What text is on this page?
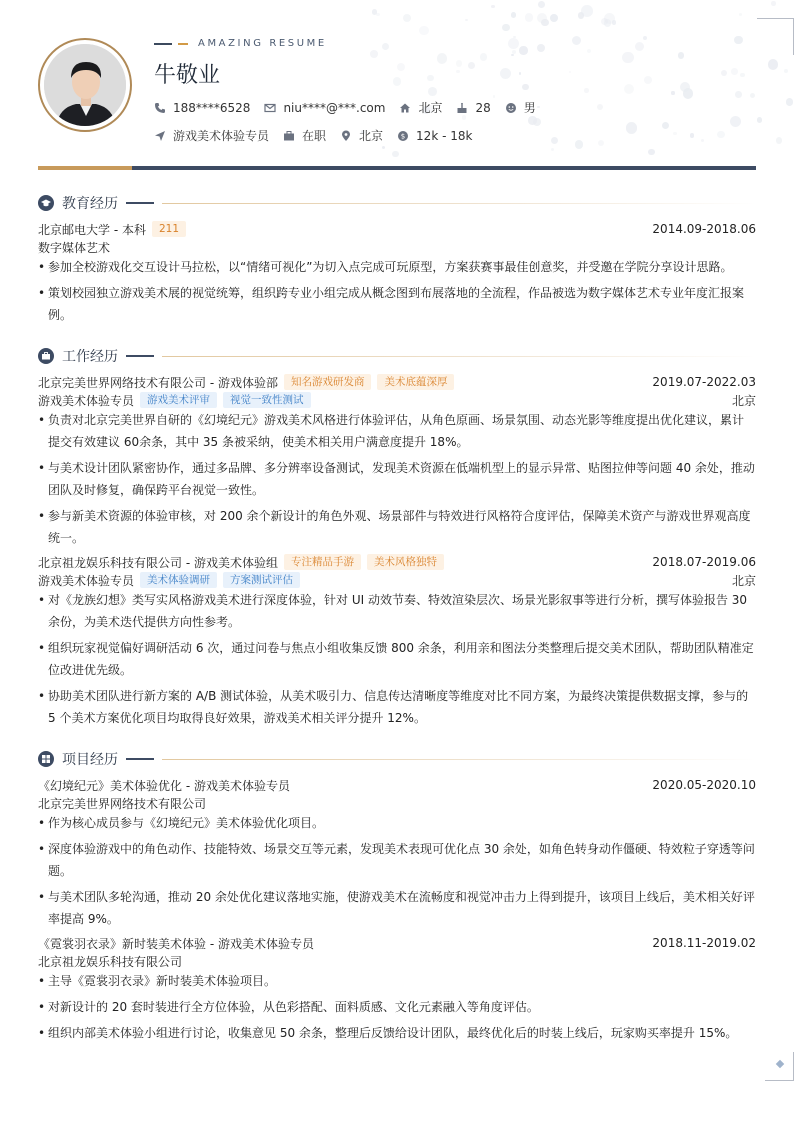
AMAZING RESUME
牛敬业
188****6528	niu****@***.com	北京	28	男
游戏美术体验专员	在职	北京	$ 12k - 18k
教育经历
北京邮电大学 - 本科	211	2014.09-2018.06
数字媒体艺术
• 参加全校游戏化交互设计马拉松，以“情绪可视化”为切入点完成可玩原型，方案获赛事最佳创意奖，并受邀在学院分享设计思路。
• 策划校园独立游戏美术展的视觉统筹，组织跨专业小组完成从概念图到布展落地的全流程，作品被选为数字媒体艺术专业年度汇报案
例。
工作经历
北京完美世界网络技术有限公司 - 游戏体验部	知名游戏研发商	美术底蕴深厚	2019.07-2022.03
游戏美术体验专员	游戏美术评审	视觉一致性测试	北京
• 负责对北京完美世界自研的《幻境纪元》游戏美术风格进行体验评估，从角色原画、场景氛围、动态光影等维度提出优化建议，累计
提交有效建议 60余条，其中 35 条被采纳，使美术相关用户满意度提升 18%。
• 与美术设计团队紧密协作，通过多品牌、多分辨率设备测试，发现美术资源在低端机型上的显示异常、贴图拉伸等问题 40 余处，推动
团队及时修复，确保跨平台视觉一致性。
• 参与新美术资源的体验审核，对 200 余个新设计的角色外观、场景部件与特效进行风格符合度评估，保障美术资产与游戏世界观高度
统一。
北京祖龙娱乐科技有限公司 - 游戏美术体验组	专注精品手游	美术风格独特	2018.07-2019.06
游戏美术体验专员	美术体验调研	方案测试评估	北京
• 对《龙族幻想》类写实风格游戏美术进行深度体验，针对 UI 动效节奏、特效渲染层次、场景光影叙事等进行分析，撰写体验报告 30
余份，为美术迭代提供方向性参考。
• 组织玩家视觉偏好调研活动 6 次，通过问卷与焦点小组收集反馈 800 余条，利用亲和图法分类整理后提交美术团队，帮助团队精准定
位改进优先级。
• 协助美术团队进行新方案的 A/B 测试体验，从美术吸引力、信息传达清晰度等维度对比不同方案，为最终决策提供数据支撑，参与的
5 个美术方案优化项目均取得良好效果，游戏美术相关评分提升 12%。
项目经历
《幻境纪元》美术体验优化 - 游戏美术体验专员	2020.05-2020.10
北京完美世界网络技术有限公司
• 作为核心成员参与《幻境纪元》美术体验优化项目。
• 深度体验游戏中的角色动作、技能特效、场景交互等元素，发现美术表现可优化点 30 余处，如角色转身动作僵硬、特效粒子穿透等问
题。
• 与美术团队多轮沟通，推动 20 余处优化建议落地实施，使游戏美术在流畅度和视觉冲击力上得到提升，该项目上线后，美术相关好评
率提高 9%。
《霓裳羽衣录》新时装美术体验 - 游戏美术体验专员	2018.11-2019.02
北京祖龙娱乐科技有限公司
• 主导《霓裳羽衣录》新时装美术体验项目。
• 对新设计的 20 套时装进行全方位体验，从色彩搭配、面料质感、文化元素融入等角度评估。
• 组织内部美术体验小组进行讨论，收集意见 50 余条，整理后反馈给设计团队，最终优化后的时装上线后，玩家购买率提升 15%。
